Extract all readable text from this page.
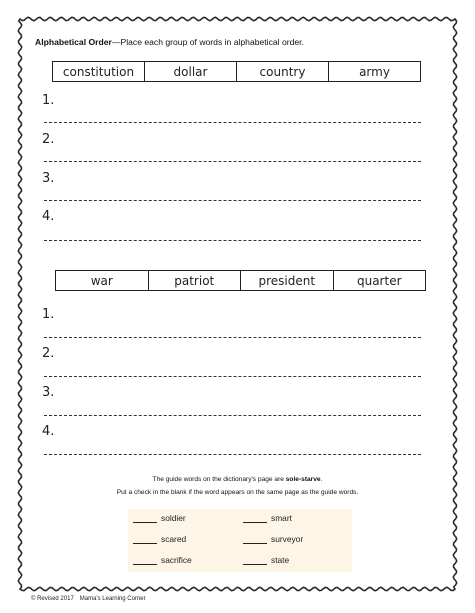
Alphabetical Order—Place each group of words in alphabetical order.
constitution	dollar	country	army
1.
2.
3.
4.
war	patriot	president	quarter
1.
2.
3.
4.
The guide words on the dictionary's page are sole-starve.
Put a check in the blank if the word appears on the same page as the guide words.
soldier	smart
scared	surveyor
sacrifice	state
© Revised 2017 Mama's Learning Corner
